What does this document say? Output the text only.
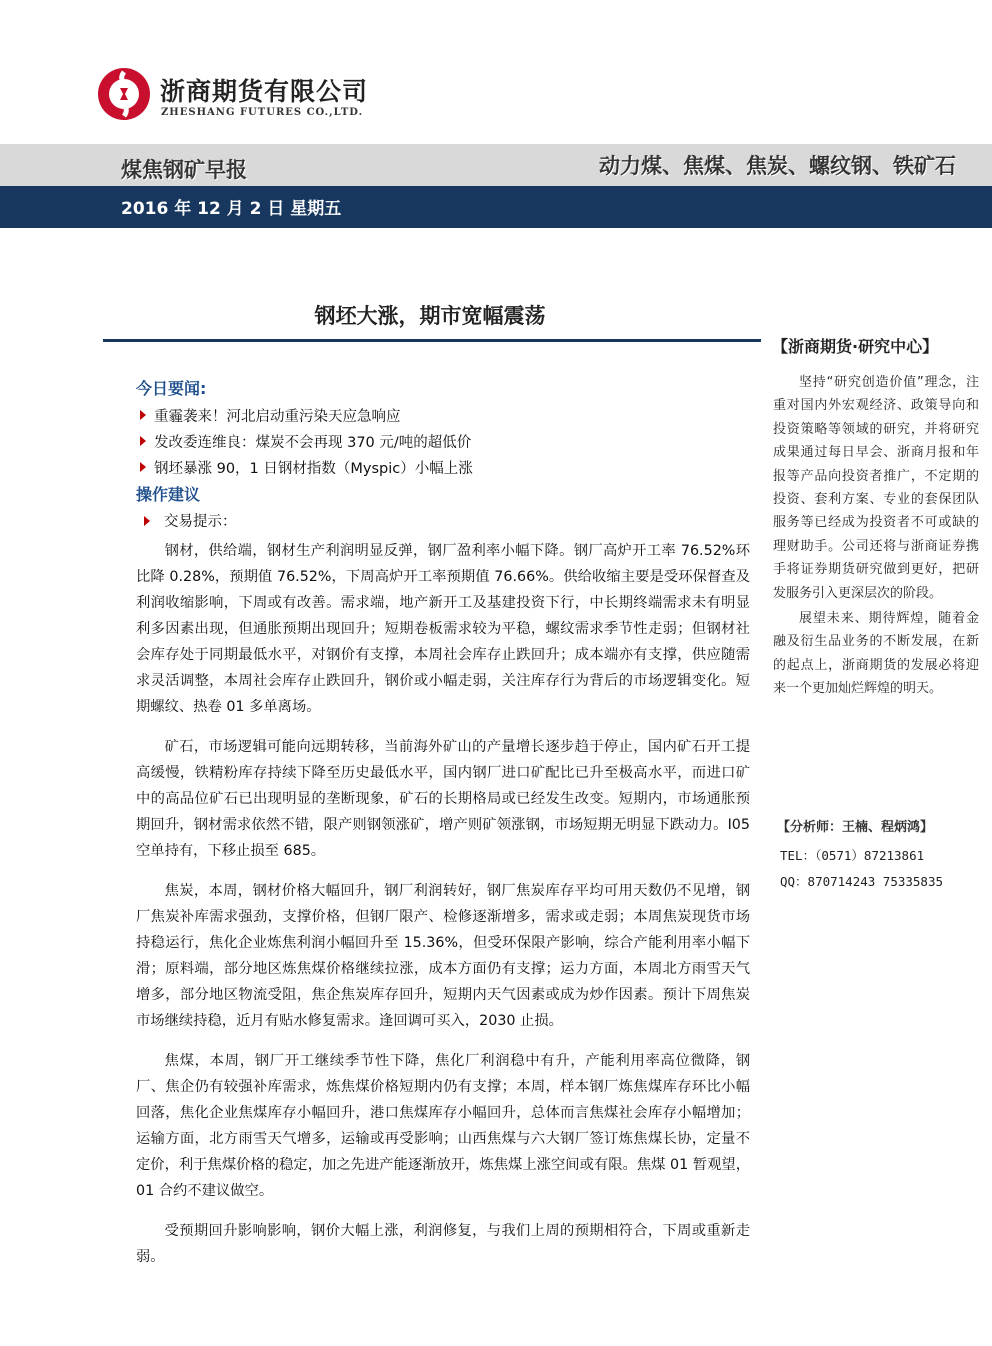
浙商期货有限公司
ZHESHANG FUTURES CO.,LTD.
煤焦钢矿早报	动力煤、焦煤、焦炭、螺纹钢、铁矿石
2016 年 12 月 2 日 星期五
钢坯大涨，期市宽幅震荡
今日要闻:
重霾袭来！河北启动重污染天应急响应
发改委连维良：煤炭不会再现 370 元/吨的超低价
钢坯暴涨 90，1 日钢材指数（Myspic）小幅上涨
操作建议
交易提示：

钢材，供给端，钢材生产利润明显反弹，钢厂盈利率小幅下降。钢厂高炉开工率 76.52%环比降 0.28%，预期值 76.52%，下周高炉开工率预期值 76.66%。供给收缩主要是受环保督查及利润收缩影响，下周或有改善。需求端，地产新开工及基建投资下行，中长期终端需求未有明显利多因素出现，但通胀预期出现回升；短期卷板需求较为平稳，螺纹需求季节性走弱；但钢材社会库存处于同期最低水平，对钢价有支撑，本周社会库存止跌回升；成本端亦有支撑，供应随需求灵活调整，本周社会库存止跌回升，钢价或小幅走弱，关注库存行为背后的市场逻辑变化。短期螺纹、热卷 01 多单离场。

矿石，市场逻辑可能向远期转移，当前海外矿山的产量增长逐步趋于停止，国内矿石开工提高缓慢，铁精粉库存持续下降至历史最低水平，国内钢厂进口矿配比已升至极高水平，而进口矿中的高品位矿石已出现明显的垄断现象，矿石的长期格局或已经发生改变。短期内，市场通胀预期回升，钢材需求依然不错，限产则钢领涨矿，增产则矿领涨钢，市场短期无明显下跌动力。I05 空单持有，下移止损至 685。

焦炭，本周，钢材价格大幅回升，钢厂利润转好，钢厂焦炭库存平均可用天数仍不见增，钢厂焦炭补库需求强劲，支撑价格，但钢厂限产、检修逐渐增多，需求或走弱；本周焦炭现货市场持稳运行，焦化企业炼焦利润小幅回升至 15.36%，但受环保限产影响，综合产能利用率小幅下滑；原料端，部分地区炼焦煤价格继续拉涨，成本方面仍有支撑；运力方面，本周北方雨雪天气增多，部分地区物流受阻，焦企焦炭库存回升，短期内天气因素或成为炒作因素。预计下周焦炭市场继续持稳，近月有贴水修复需求。逢回调可买入，2030 止损。

焦煤，本周，钢厂开工继续季节性下降，焦化厂利润稳中有升，产能利用率高位微降，钢厂、焦企仍有较强补库需求，炼焦煤价格短期内仍有支撑；本周，样本钢厂炼焦煤库存环比小幅回落，焦化企业焦煤库存小幅回升，港口焦煤库存小幅回升，总体而言焦煤社会库存小幅增加；运输方面，北方雨雪天气增多，运输或再受影响；山西焦煤与六大钢厂签订炼焦煤长协，定量不定价，利于焦煤价格的稳定，加之先进产能逐渐放开，炼焦煤上涨空间或有限。焦煤 01 暂观望，01 合约不建议做空。

受预期回升影响影响，钢价大幅上涨，利润修复，与我们上周的预期相符合，下周或重新走弱。

【浙商期货·研究中心】

坚持“研究创造价值”理念，注重对国内外宏观经济、政策导向和投资策略等领域的研究，并将研究成果通过每日早会、浙商月报和年报等产品向投资者推广，不定期的投资、套利方案、专业的套保团队服务等已经成为投资者不可或缺的理财助手。公司还将与浙商证券携手将证券期货研究做到更好，把研发服务引入更深层次的阶段。

展望未来、期待辉煌，随着金融及衍生品业务的不断发展，在新的起点上，浙商期货的发展必将迎来一个更加灿烂辉煌的明天。

【分析师：王楠、程炳鸿】
TEL：（0571）87213861
QQ：870714243 75335835
